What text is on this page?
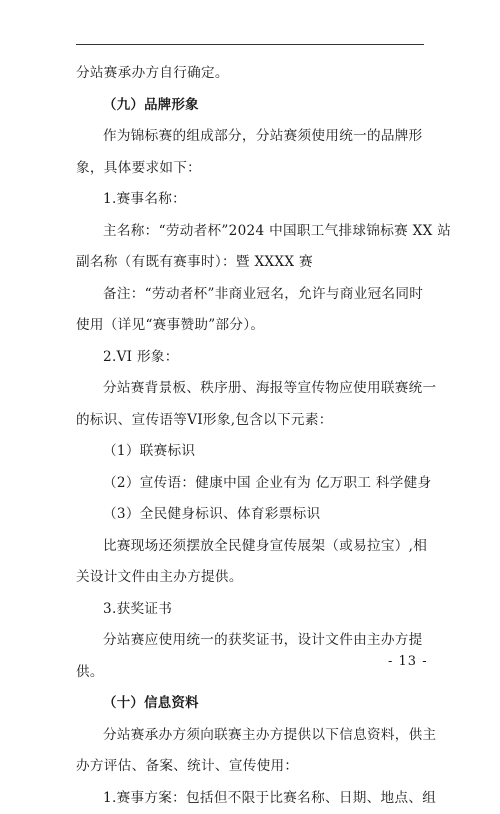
分站赛承办方自行确定。
（九）品牌形象
作为锦标赛的组成部分，分站赛须使用统一的品牌形
象，具体要求如下：
1.赛事名称：
主名称：“劳动者杯”2024 中国职工气排球锦标赛 XX 站
副名称（有既有赛事时）：暨 XXXX 赛
备注：“劳动者杯”非商业冠名，允许与商业冠名同时
使用（详见“赛事赞助”部分）。
2.VI 形象：
分站赛背景板、秩序册、海报等宣传物应使用联赛统一
的标识、宣传语等VI形象,包含以下元素：
（1）联赛标识
（2）宣传语：健康中国 企业有为 亿万职工 科学健身
（3）全民健身标识、体育彩票标识
比赛现场还须摆放全民健身宣传展架（或易拉宝）,相
关设计文件由主办方提供。
3.获奖证书
分站赛应使用统一的获奖证书，设计文件由主办方提
供。
（十）信息资料
分站赛承办方须向联赛主办方提供以下信息资料，供主
办方评估、备案、统计、宣传使用：
1.赛事方案：包括但不限于比赛名称、日期、地点、组
- 13 -
